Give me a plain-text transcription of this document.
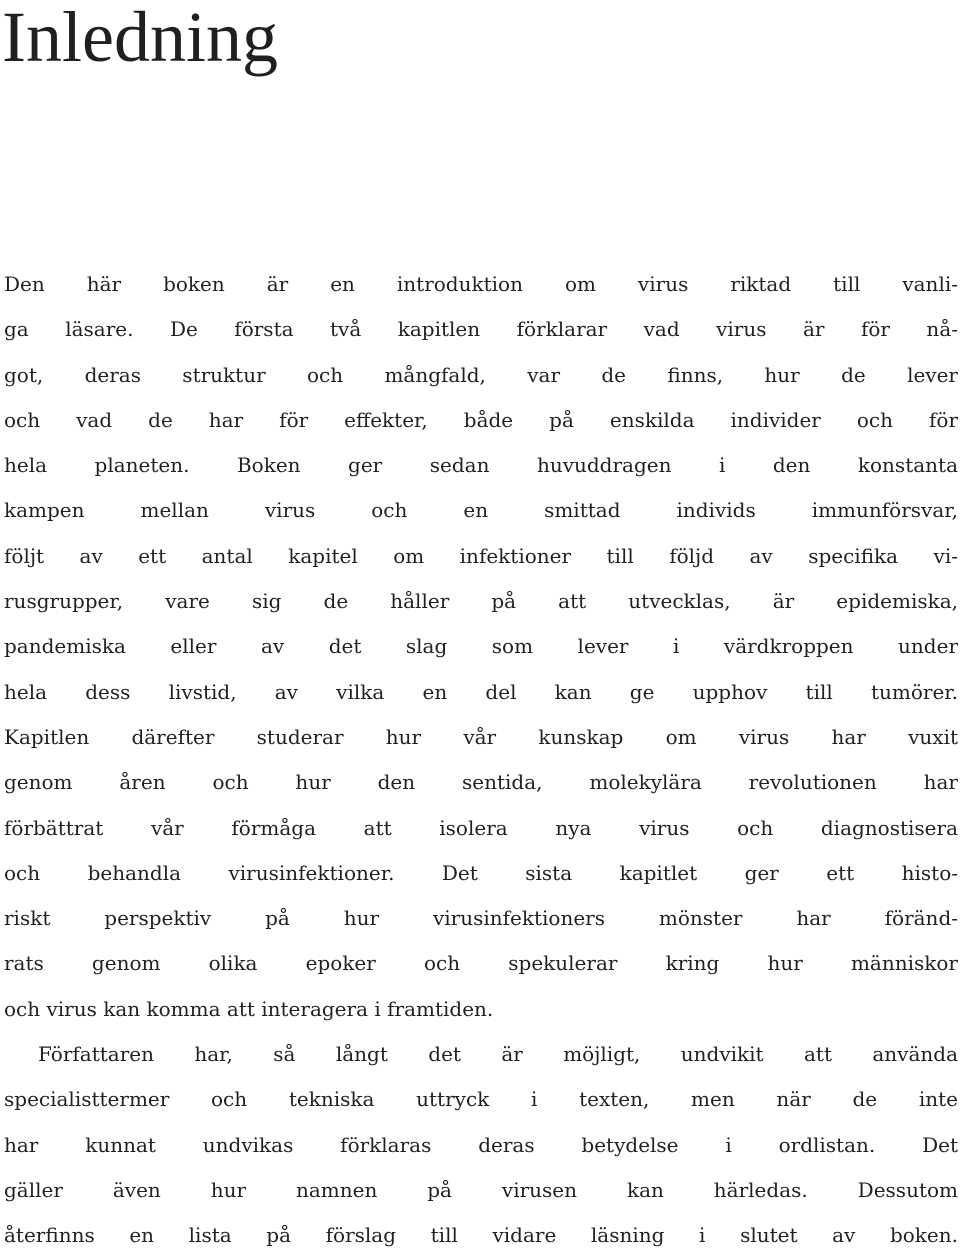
Inledning
Den här boken är en introduktion om virus riktad till vanli-
ga läsare. De första två kapitlen förklarar vad virus är för nå-
got, deras struktur och mångfald, var de finns, hur de lever
och vad de har för effekter, både på enskilda individer och för
hela planeten. Boken ger sedan huvuddragen i den konstanta
kampen mellan virus och en smittad individs immunförsvar,
följt av ett antal kapitel om infektioner till följd av specifika vi-
rusgrupper, vare sig de håller på att utvecklas, är epidemiska,
pandemiska eller av det slag som lever i värdkroppen under
hela dess livstid, av vilka en del kan ge upphov till tumörer.
Kapitlen därefter studerar hur vår kunskap om virus har vuxit
genom åren och hur den sentida, molekylära revolutionen har
förbättrat vår förmåga att isolera nya virus och diagnostisera
och behandla virusinfektioner. Det sista kapitlet ger ett histo-
riskt perspektiv på hur virusinfektioners mönster har föränd-
rats genom olika epoker och spekulerar kring hur människor
och virus kan komma att interagera i framtiden.
Författaren har, så långt det är möjligt, undvikit att använda
specialisttermer och tekniska uttryck i texten, men när de inte
har kunnat undvikas förklaras deras betydelse i ordlistan. Det
gäller även hur namnen på virusen kan härledas. Dessutom
återfinns en lista på förslag till vidare läsning i slutet av boken.
